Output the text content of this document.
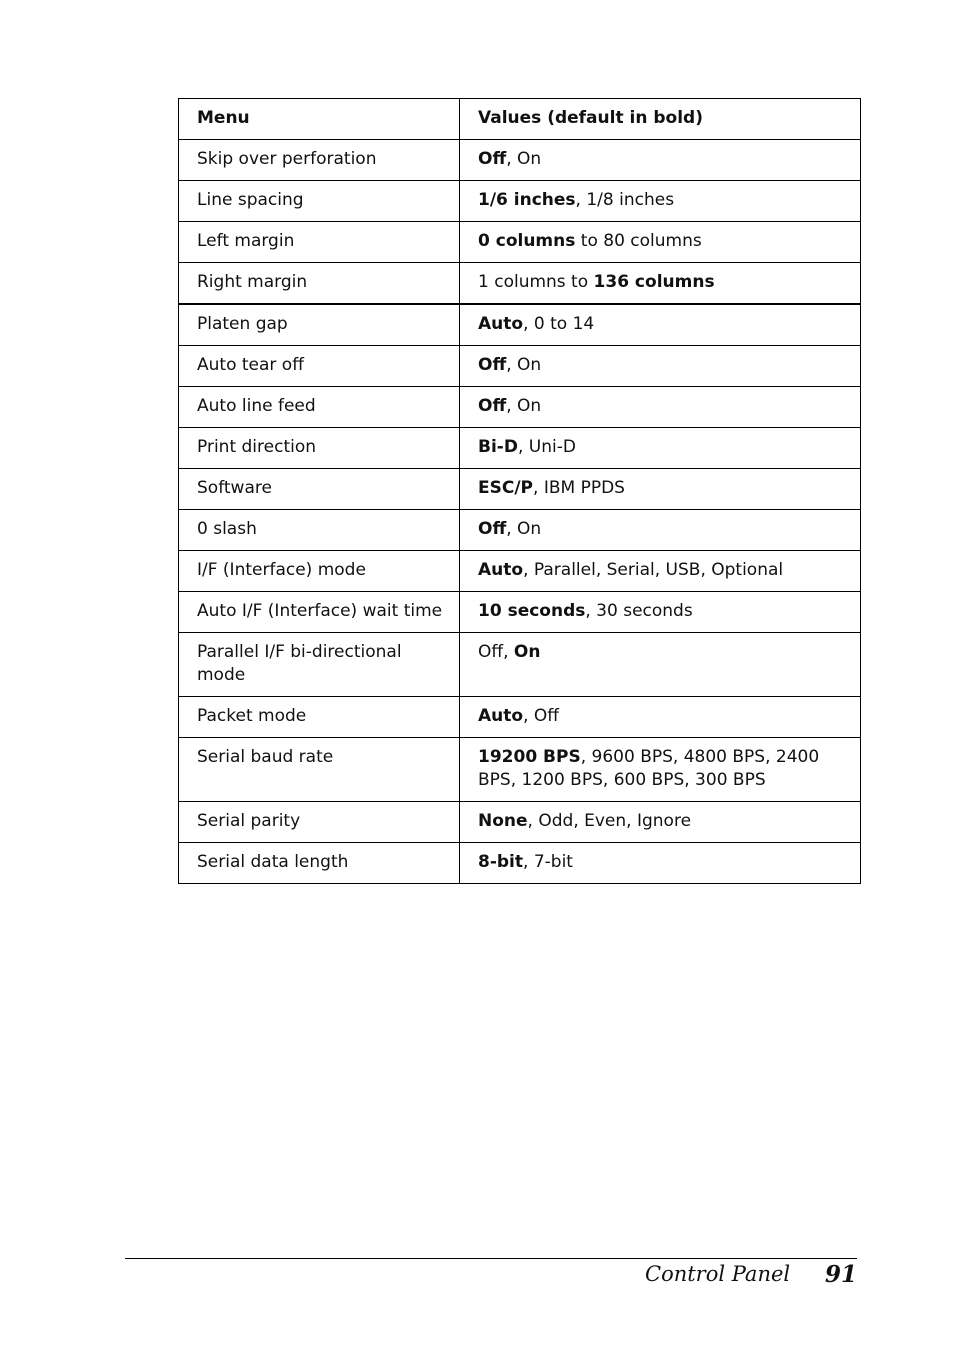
Menu	Values (default in bold)
Skip over perforation	Off, On
Line spacing	1/6 inches, 1/8 inches
Left margin	0 columns to 80 columns
Right margin	1 columns to 136 columns
Platen gap	Auto, 0 to 14
Auto tear off	Off, On
Auto line feed	Off, On
Print direction	Bi-D, Uni-D
Software	ESC/P, IBM PPDS
0 slash	Off, On
I/F (Interface) mode	Auto, Parallel, Serial, USB, Optional
Auto I/F (Interface) wait time	10 seconds, 30 seconds
Parallel I/F bi-directional mode	Off, On
Packet mode	Auto, Off
Serial baud rate	19200 BPS, 9600 BPS, 4800 BPS, 2400 BPS, 1200 BPS, 600 BPS, 300 BPS
Serial parity	None, Odd, Even, Ignore
Serial data length	8-bit, 7-bit
Control Panel 91
